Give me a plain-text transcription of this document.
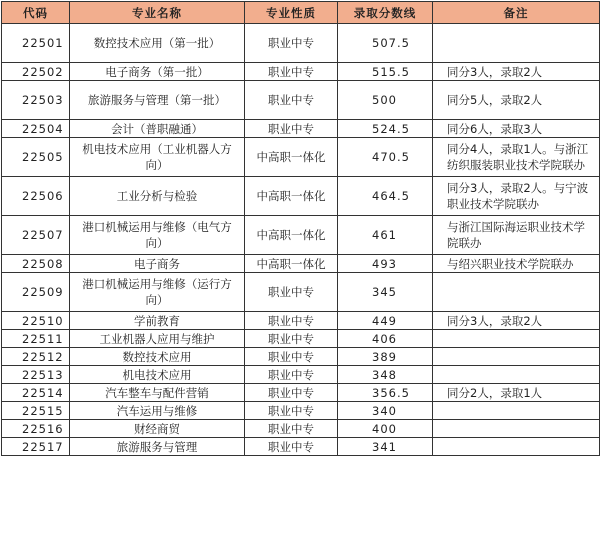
代码	专业名称	专业性质	录取分数线	备注
22501	数控技术应用（第一批）	职业中专	507.5	
22502	电子商务（第一批）	职业中专	515.5	同分3人，录取2人
22503	旅游服务与管理（第一批）	职业中专	500	同分5人，录取2人
22504	会计（普职融通）	职业中专	524.5	同分6人，录取3人
22505	机电技术应用（工业机器人方向）	中高职一体化	470.5	同分4人，录取1人。与浙江纺织服装职业技术学院联办
22506	工业分析与检验	中高职一体化	464.5	同分3人，录取2人。与宁波职业技术学院联办
22507	港口机械运用与维修（电气方向）	中高职一体化	461	与浙江国际海运职业技术学院联办
22508	电子商务	中高职一体化	493	与绍兴职业技术学院联办
22509	港口机械运用与维修（运行方向）	职业中专	345	
22510	学前教育	职业中专	449	同分3人，录取2人
22511	工业机器人应用与维护	职业中专	406	
22512	数控技术应用	职业中专	389	
22513	机电技术应用	职业中专	348	
22514	汽车整车与配件营销	职业中专	356.5	同分2人，录取1人
22515	汽车运用与维修	职业中专	340	
22516	财经商贸	职业中专	400	
22517	旅游服务与管理	职业中专	341	
